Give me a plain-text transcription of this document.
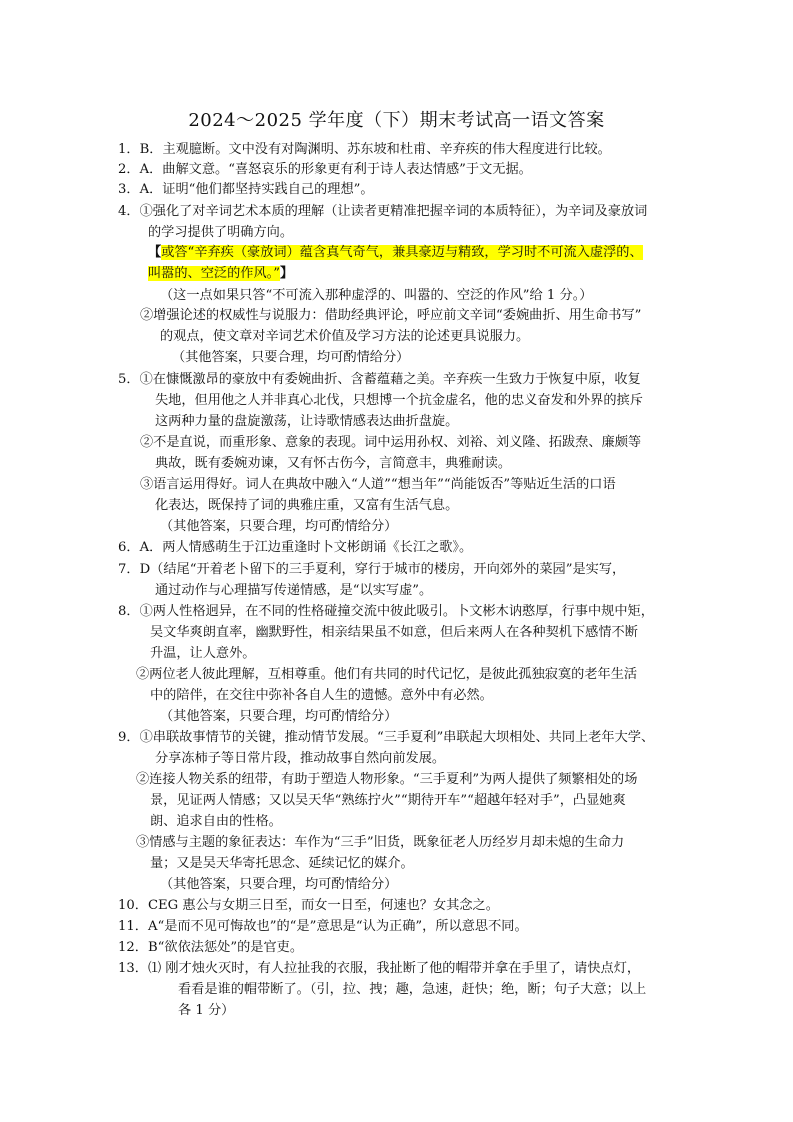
2024～2025 学年度（下）期末考试高一语文答案
1．B．主观臆断。文中没有对陶渊明、苏东坡和杜甫、辛弃疾的伟大程度进行比较。
2．A．曲解文意。“喜怒哀乐的形象更有利于诗人表达情感”于文无据。
3．A．证明“他们都坚持实践自己的理想”。
4．①强化了对辛词艺术本质的理解（让读者更精准把握辛词的本质特征），为辛词及豪放词
的学习提供了明确方向。
【或答“辛弃疾（豪放词）蕴含真气奇气，兼具豪迈与精致，学习时不可流入虚浮的、
叫嚣的、空泛的作风。”】
（这一点如果只答“不可流入那种虚浮的、叫嚣的、空泛的作风”给 1 分。）
②增强论述的权威性与说服力：借助经典评论，呼应前文辛词“委婉曲折、用生命书写”
的观点，使文章对辛词艺术价值及学习方法的论述更具说服力。
（其他答案，只要合理，均可酌情给分）
5．①在慷慨激昂的豪放中有委婉曲折、含蓄蕴藉之美。辛弃疾一生致力于恢复中原，收复
失地，但用他之人并非真心北伐，只想博一个抗金虚名，他的忠义奋发和外界的摈斥
这两种力量的盘旋激荡，让诗歌情感表达曲折盘旋。
②不是直说，而重形象、意象的表现。词中运用孙权、刘裕、刘义隆、拓跋焘、廉颇等
典故，既有委婉劝谏，又有怀古伤今，言简意丰，典雅耐读。
③语言运用得好。词人在典故中融入“人道”“想当年”“尚能饭否”等贴近生活的口语
化表达，既保持了词的典雅庄重，又富有生活气息。
（其他答案，只要合理，均可酌情给分）
6．A．两人情感萌生于江边重逢时卜文彬朗诵《长江之歌》。
7．D（结尾“开着老卜留下的三手夏利，穿行于城市的楼房，开向郊外的菜园”是实写，
通过动作与心理描写传递情感，是“以实写虚”。
8．①两人性格迥异，在不同的性格碰撞交流中彼此吸引。卜文彬木讷憨厚，行事中规中矩，
吴文华爽朗直率，幽默野性，相亲结果虽不如意，但后来两人在各种契机下感情不断
升温，让人意外。
②两位老人彼此理解，互相尊重。他们有共同的时代记忆，是彼此孤独寂寞的老年生活
中的陪伴，在交往中弥补各自人生的遗憾。意外中有必然。
（其他答案，只要合理，均可酌情给分）
9．①串联故事情节的关键，推动情节发展。“三手夏利”串联起大坝相处、共同上老年大学、
分享冻柿子等日常片段，推动故事自然向前发展。
②连接人物关系的纽带，有助于塑造人物形象。“三手夏利”为两人提供了频繁相处的场
景，见证两人情感；又以吴天华“熟练拧火”“期待开车”“超越年轻对手”，凸显她爽
朗、追求自由的性格。
③情感与主题的象征表达：车作为“三手”旧货，既象征老人历经岁月却未熄的生命力
量；又是吴天华寄托思念、延续记忆的媒介。
（其他答案，只要合理，均可酌情给分）
10．CEG 惠公与女期三日至，而女一日至，何速也？女其念之。
11．A“是而不见可悔故也”的“是”意思是“认为正确”，所以意思不同。
12．B“欲依法惩处”的是官吏。
13．⑴ 刚才烛火灭时，有人拉扯我的衣服，我扯断了他的帽带并拿在手里了，请快点灯，
看看是谁的帽带断了。（引，拉、拽；趣，急速，赶快；绝，断；句子大意；以上
各 1 分）
